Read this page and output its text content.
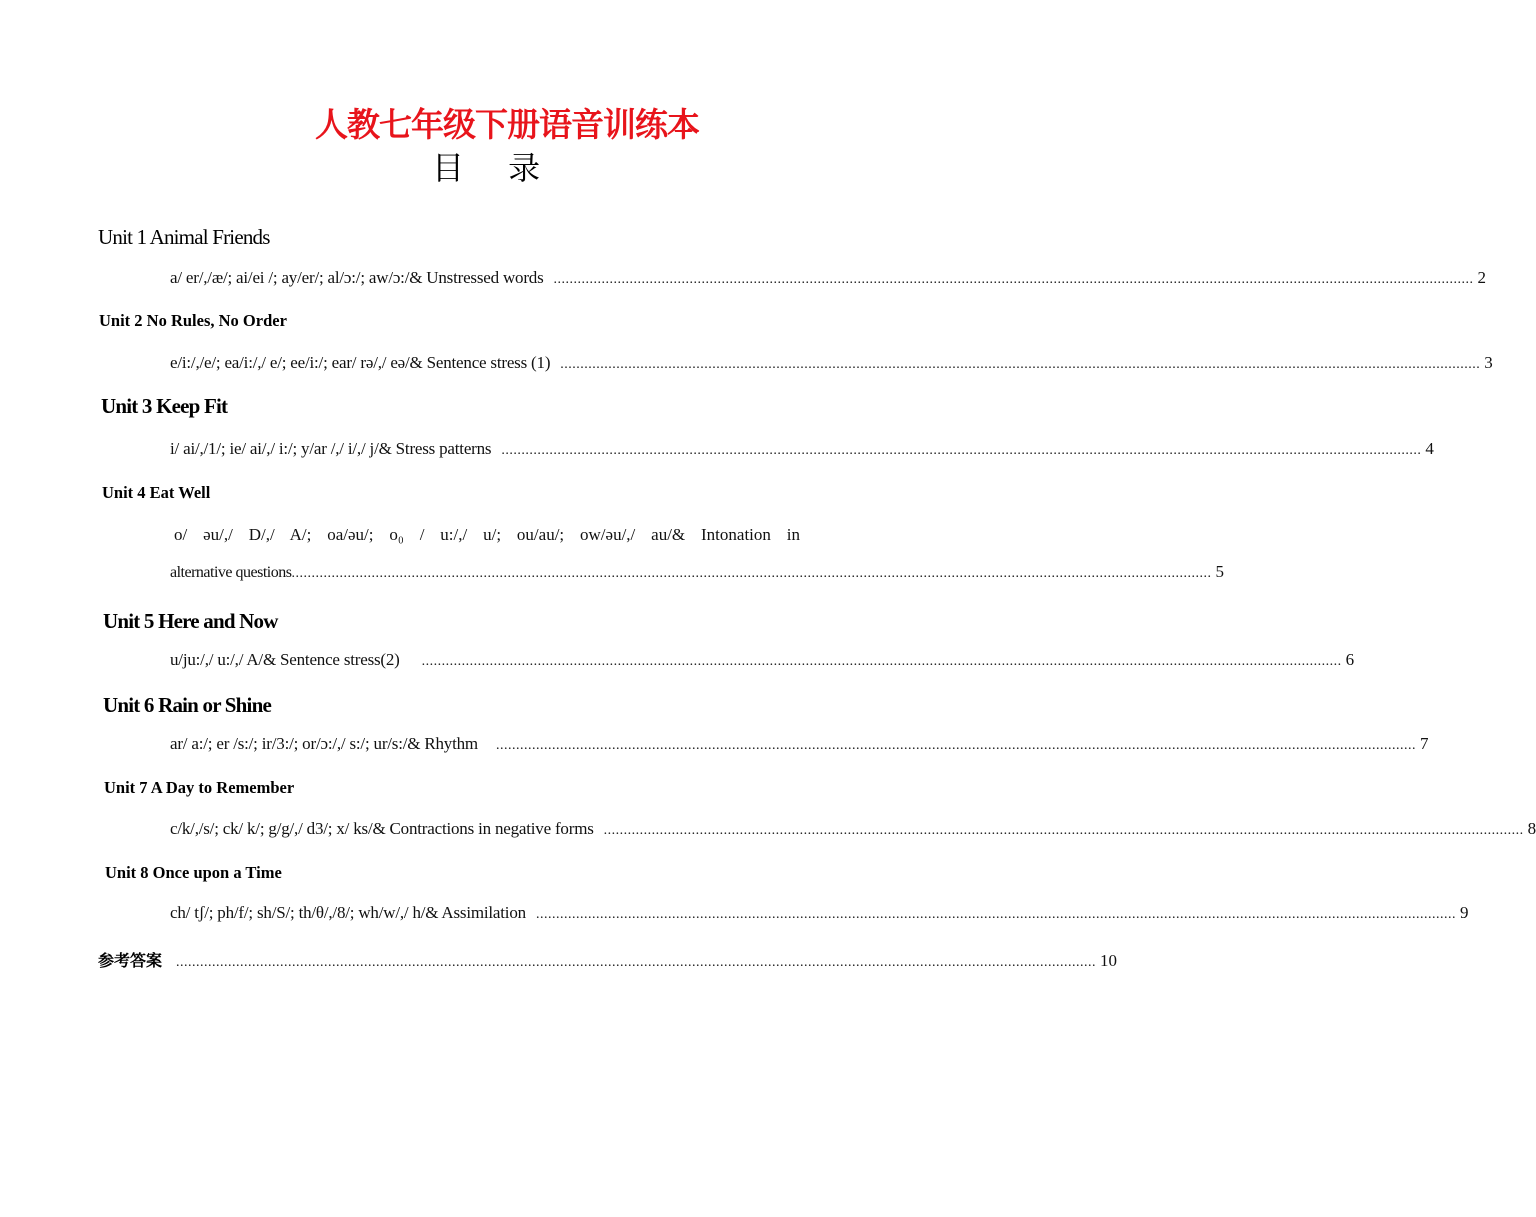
人教七年级下册语音训练本
目 录
Unit 1 Animal Friends
a/ er/,/æ/; ai/ei /; ay/er/; al/ɔ:/; aw/ɔ:/& Unstressed words ...................................................................................................................................................................................................................................... 2
Unit 2 No Rules, No Order
e/i:/,/e/; ea/i:/,/ e/; ee/i:/; ear/ rə/,/ eə/& Sentence stress (1) ...................................................................................................................................................................................................................................... 3
Unit 3 Keep Fit
i/ ai/,/1/; ie/ ai/,/ i:/; y/ar /,/ i/,/ j/& Stress patterns ...................................................................................................................................................................................................................................... 4
Unit 4 Eat Well
o/ əu/,/ D/,/ A/; oa/əu/; o₀ / u:/,/ u/; ou/au/; ow/əu/,/ au/& Intonation in
alternative questions ...................................................................................................................................................................................................................................... 5
Unit 5 Here and Now
u/ju:/,/ u:/,/ A/& Sentence stress(2) ...................................................................................................................................................................................................................................... 6
Unit 6 Rain or Shine
ar/ a:/; er /s:/; ir/3:/; or/ɔ:/,/ s:/; ur/s:/& Rhythm ...................................................................................................................................................................................................................................... 7
Unit 7 A Day to Remember
c/k/,/s/; ck/ k/; g/g/,/ d3/; x/ ks/& Contractions in negative forms ...................................................................................................................................................................................................................................... 8
Unit 8 Once upon a Time
ch/ tʃ/; ph/f/; sh/S/; th/θ/,/8/; wh/w/,/ h/& Assimilation ...................................................................................................................................................................................................................................... 9
参考答案 ...................................................................................................................................................................................................................................... 10
